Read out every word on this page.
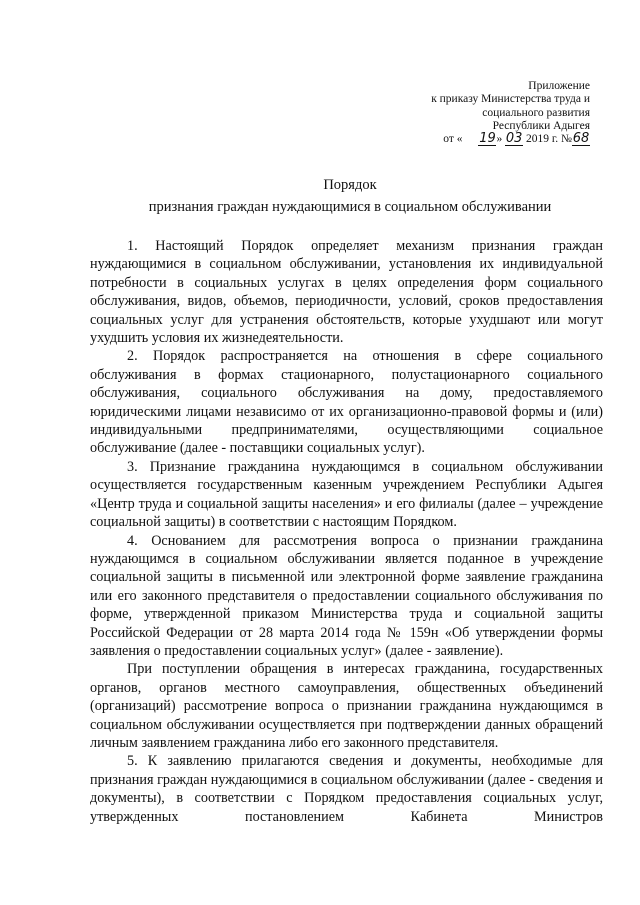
Приложение
к приказу Министерства труда и
социального развития
Республики Адыгея
от « 19» 03 2019 г. №68
Порядок
признания граждан нуждающимися в социальном обслуживании

1. Настоящий Порядок определяет механизм признания граждан нуждающимися в социальном обслуживании, установления их индивидуальной потребности в социальных услугах в целях определения форм социального обслуживания, видов, объемов, периодичности, условий, сроков предоставления социальных услуг для устранения обстоятельств, которые ухудшают или могут ухудшить условия их жизнедеятельности.

2. Порядок распространяется на отношения в сфере социального обслуживания в формах стационарного, полустационарного социального обслуживания, социального обслуживания на дому, предоставляемого юридическими лицами независимо от их организационно-правовой формы и (или) индивидуальными предпринимателями, осуществляющими социальное обслуживание (далее - поставщики социальных услуг).

3. Признание гражданина нуждающимся в социальном обслуживании осуществляется государственным казенным учреждением Республики Адыгея «Центр труда и социальной защиты населения» и его филиалы (далее – учреждение социальной защиты) в соответствии с настоящим Порядком.

4. Основанием для рассмотрения вопроса о признании гражданина нуждающимся в социальном обслуживании является поданное в учреждение социальной защиты в письменной или электронной форме заявление гражданина или его законного представителя о предоставлении социального обслуживания по форме, утвержденной приказом Министерства труда и социальной защиты Российской Федерации от 28 марта 2014 года № 159н «Об утверждении формы заявления о предоставлении социальных услуг» (далее - заявление).

При поступлении обращения в интересах гражданина, государственных органов, органов местного самоуправления, общественных объединений (организаций) рассмотрение вопроса о признании гражданина нуждающимся в социальном обслуживании осуществляется при подтверждении данных обращений личным заявлением гражданина либо его законного представителя.

5. К заявлению прилагаются сведения и документы, необходимые для признания граждан нуждающимися в социальном обслуживании (далее - сведения и документы), в соответствии с Порядком предоставления социальных услуг, утвержденных постановлением Кабинета Министров
